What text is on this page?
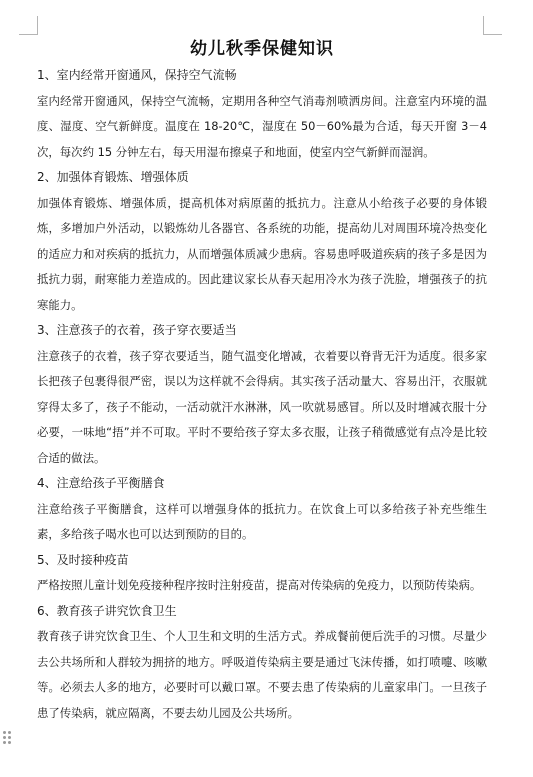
幼儿秋季保健知识
1、室内经常开窗通风，保持空气流畅

室内经常开窗通风，保持空气流畅，定期用各种空气消毒剂喷洒房间。注意室内环境的温度、湿度、空气新鲜度。温度在 18-20℃，湿度在 50－60%最为合适，每天开窗 3－4 次，每次约 15 分钟左右，每天用湿布擦桌子和地面，使室内空气新鲜而湿润。

2、加强体育锻炼、增强体质

加强体育锻炼、增强体质，提高机体对病原菌的抵抗力。注意从小给孩子必要的身体锻炼，多增加户外活动，以锻炼幼儿各器官、各系统的功能，提高幼儿对周围环境冷热变化的适应力和对疾病的抵抗力，从而增强体质减少患病。容易患呼吸道疾病的孩子多是因为抵抗力弱，耐寒能力差造成的。因此建议家长从春天起用冷水为孩子洗脸，增强孩子的抗寒能力。

3、注意孩子的衣着，孩子穿衣要适当

注意孩子的衣着，孩子穿衣要适当，随气温变化增减，衣着要以脊背无汗为适度。很多家长把孩子包裹得很严密，误以为这样就不会得病。其实孩子活动量大、容易出汗，衣服就穿得太多了，孩子不能动，一活动就汗水淋淋，风一吹就易感冒。所以及时增减衣服十分必要，一味地“捂”并不可取。平时不要给孩子穿太多衣服，让孩子稍微感觉有点冷是比较合适的做法。

4、注意给孩子平衡膳食

注意给孩子平衡膳食，这样可以增强身体的抵抗力。在饮食上可以多给孩子补充些维生素，多给孩子喝水也可以达到预防的目的。

5、及时接种疫苗

严格按照儿童计划免疫接种程序按时注射疫苗，提高对传染病的免疫力，以预防传染病。

6、教育孩子讲究饮食卫生

教育孩子讲究饮食卫生、个人卫生和文明的生活方式。养成餐前便后洗手的习惯。尽量少去公共场所和人群较为拥挤的地方。呼吸道传染病主要是通过飞沫传播，如打喷嚏、咳嗽等。必须去人多的地方，必要时可以戴口罩。不要去患了传染病的儿童家串门。一旦孩子患了传染病，就应隔离，不要去幼儿园及公共场所。
